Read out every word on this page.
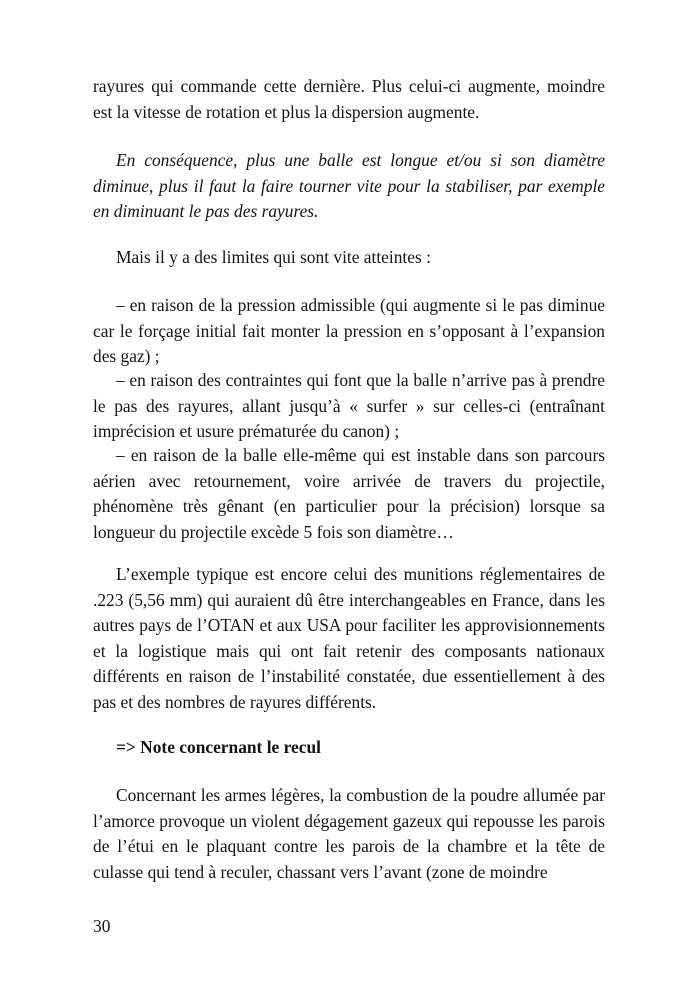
rayures qui commande cette dernière. Plus celui-ci augmente, moindre est la vitesse de rotation et plus la dispersion augmente.

En conséquence, plus une balle est longue et/ou si son diamètre diminue, plus il faut la faire tourner vite pour la stabiliser, par exemple en diminuant le pas des rayures.

Mais il y a des limites qui sont vite atteintes :

– en raison de la pression admissible (qui augmente si le pas diminue car le forçage initial fait monter la pression en s’opposant à l’expansion des gaz) ;

– en raison des contraintes qui font que la balle n’arrive pas à prendre le pas des rayures, allant jusqu’à « surfer » sur celles-ci (entraînant imprécision et usure prématurée du canon) ;

– en raison de la balle elle-même qui est instable dans son parcours aérien avec retournement, voire arrivée de travers du projectile, phénomène très gênant (en particulier pour la précision) lorsque sa longueur du projectile excède 5 fois son diamètre…

L’exemple typique est encore celui des munitions réglementaires de .223 (5,56 mm) qui auraient dû être interchangeables en France, dans les autres pays de l’OTAN et aux USA pour faciliter les approvisionnements et la logistique mais qui ont fait retenir des composants nationaux différents en raison de l’instabilité constatée, due essentiellement à des pas et des nombres de rayures différents.

=> Note concernant le recul

Concernant les armes légères, la combustion de la poudre allumée par l’amorce provoque un violent dégagement gazeux qui repousse les parois de l’étui en le plaquant contre les parois de la chambre et la tête de culasse qui tend à reculer, chassant vers l’avant (zone de moindre

30
